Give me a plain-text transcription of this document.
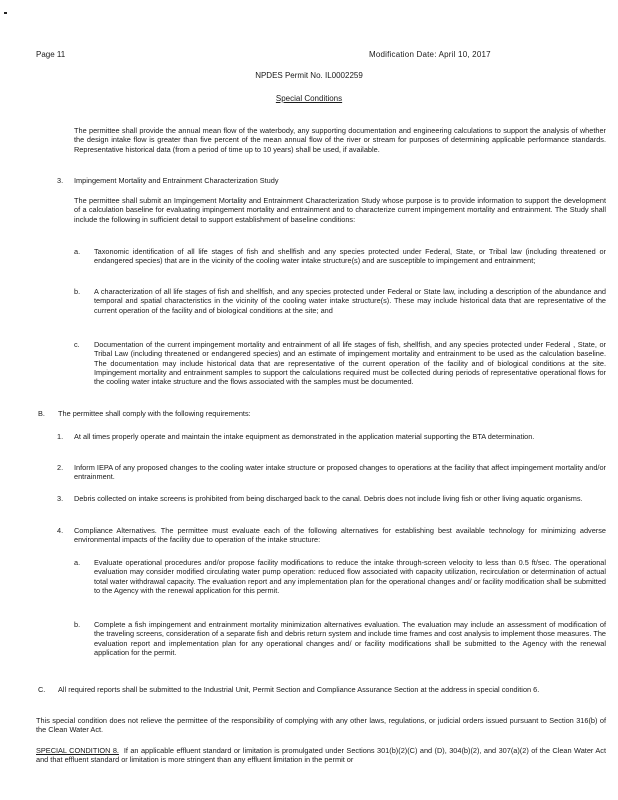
Page 11	Modification Date: April 10, 2017
NPDES Permit No. IL0002259
Special Conditions

The permittee shall provide the annual mean flow of the waterbody, any supporting documentation and engineering calculations to support the analysis of whether the design intake flow is greater than five percent of the mean annual flow of the river or stream for purposes of determining applicable performance standards. Representative historical data (from a period of time up to 10 years) shall be used, if available.

3. Impingement Mortality and Entrainment Characterization Study

The permittee shall submit an Impingement Mortality and Entrainment Characterization Study whose purpose is to provide information to support the development of a calculation baseline for evaluating impingement mortality and entrainment and to characterize current impingement mortality and entrainment. The Study shall include the following in sufficient detail to support establishment of baseline conditions:

a. Taxonomic identification of all life stages of fish and shellfish and any species protected under Federal, State, or Tribal law (including threatened or endangered species) that are in the vicinity of the cooling water intake structure(s) and are susceptible to impingement and entrainment;

b. A characterization of all life stages of fish and shellfish, and any species protected under Federal or State law, including a description of the abundance and temporal and spatial characteristics in the vicinity of the cooling water intake structure(s). These may include historical data that are representative of the current operation of the facility and of biological conditions at the site; and

c. Documentation of the current impingement mortality and entrainment of all life stages of fish, shellfish, and any species protected under Federal , State, or Tribal Law (including threatened or endangered species) and an estimate of impingement mortality and entrainment to be used as the calculation baseline. The documentation may include historical data that are representative of the current operation of the facility and of biological conditions at the site. Impingement mortality and entrainment samples to support the calculations required must be collected during periods of representative operational flows for the cooling water intake structure and the flows associated with the samples must be documented.

B. The permittee shall comply with the following requirements:
1. At all times properly operate and maintain the intake equipment as demonstrated in the application material supporting the BTA determination.

2. Inform IEPA of any proposed changes to the cooling water intake structure or proposed changes to operations at the facility that affect impingement mortality and/or entrainment.

3. Debris collected on intake screens is prohibited from being discharged back to the canal. Debris does not include living fish or other living aquatic organisms.

4. Compliance Alternatives. The permittee must evaluate each of the following alternatives for establishing best available technology for minimizing adverse environmental impacts of the facility due to operation of the intake structure:

a. Evaluate operational procedures and/or propose facility modifications to reduce the intake through-screen velocity to less than 0.5 ft/sec. The operational evaluation may consider modified circulating water pump operation: reduced flow associated with capacity utilization, recirculation or determination of actual total water withdrawal capacity. The evaluation report and any implementation plan for the operational changes and/ or facility modification shall be submitted to the Agency with the renewal application for this permit.

b. Complete a fish impingement and entrainment mortality minimization alternatives evaluation. The evaluation may include an assessment of modification of the traveling screens, consideration of a separate fish and debris return system and include time frames and cost analysis to implement those measures. The evaluation report and implementation plan for any operational changes and/ or facility modifications shall be submitted to the Agency with the renewal application for the permit.

C. All required reports shall be submitted to the Industrial Unit, Permit Section and Compliance Assurance Section at the address in special condition 6.

This special condition does not relieve the permittee of the responsibility of complying with any other laws, regulations, or judicial orders issued pursuant to Section 316(b) of the Clean Water Act.

SPECIAL CONDITION 8. If an applicable effluent standard or limitation is promulgated under Sections 301(b)(2)(C) and (D), 304(b)(2), and 307(a)(2) of the Clean Water Act and that effluent standard or limitation is more stringent than any effluent limitation in the permit or
